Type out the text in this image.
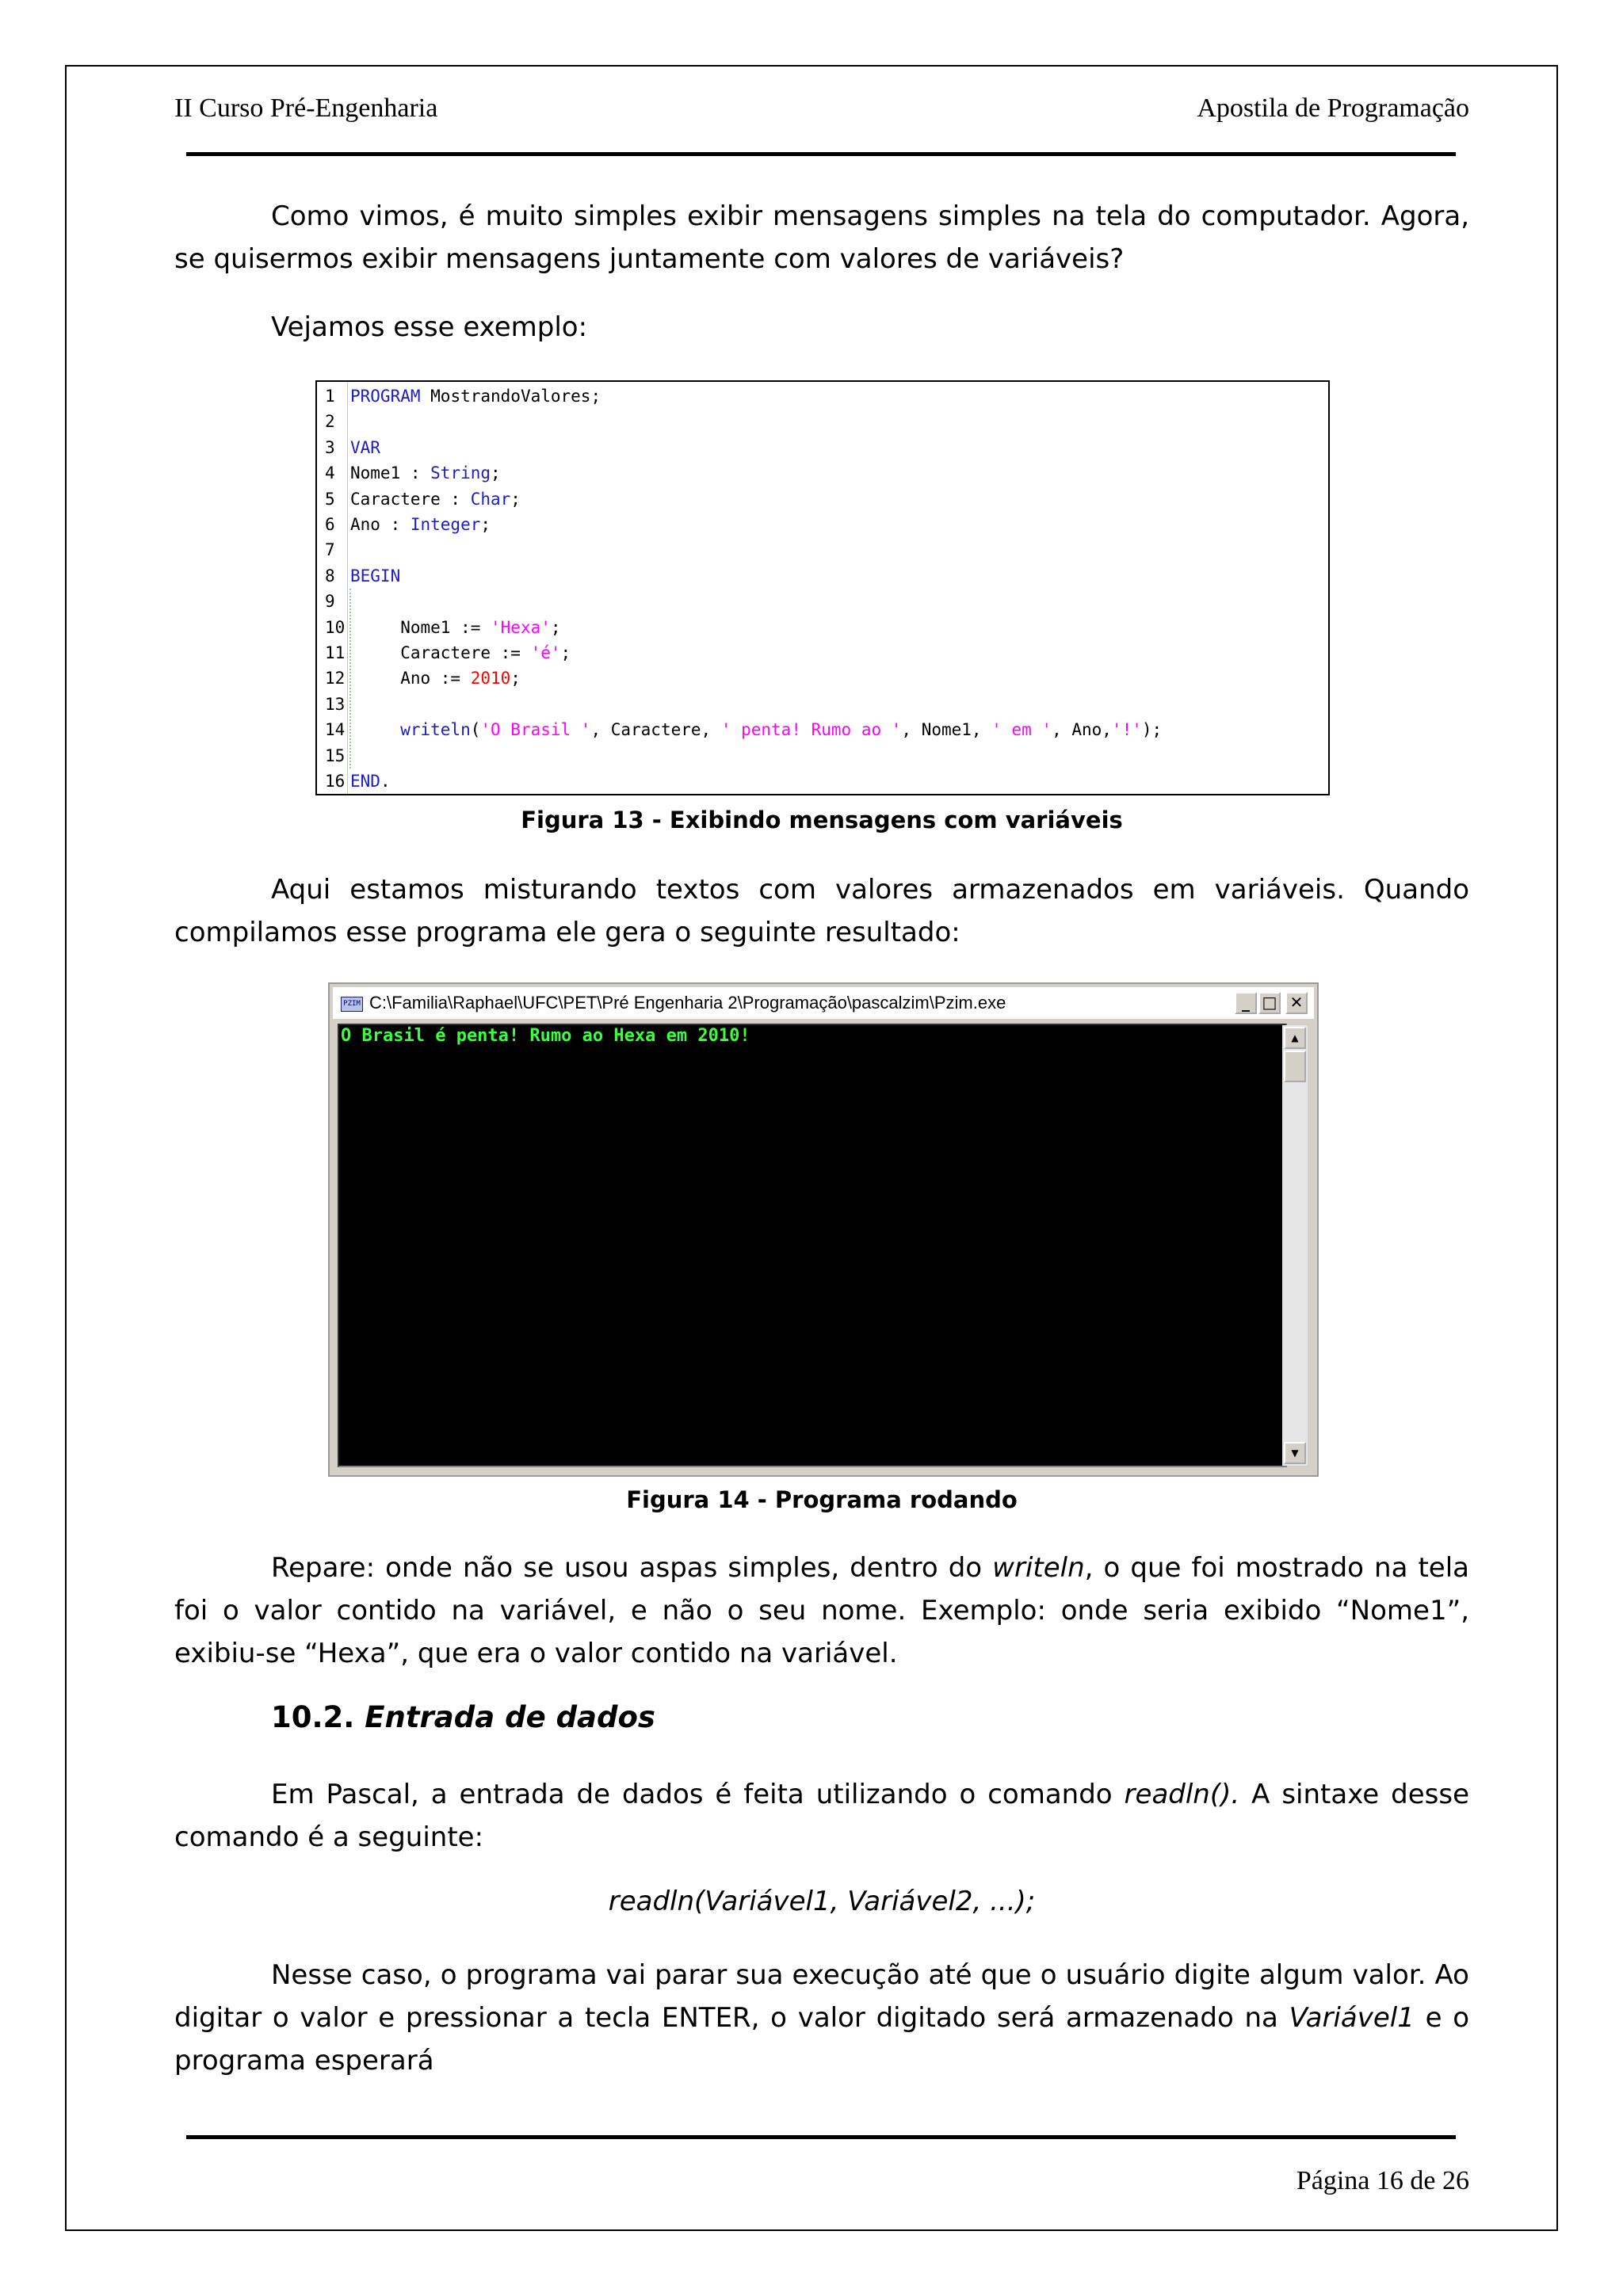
II Curso Pré-Engenharia	Apostila de Programação
Como vimos, é muito simples exibir mensagens simples na tela do computador. Agora, se quisermos exibir mensagens juntamente com valores de variáveis?
Vejamos esse exemplo:
1 PROGRAM MostrandoValores;
2
3 VAR
4 Nome1 : String;
5 Caractere : Char;
6 Ano : Integer;
7
8 BEGIN
9
10 Nome1 := 'Hexa';
11 Caractere := 'é';
12 Ano := 2010;
13
14 writeln('O Brasil ', Caractere, ' penta! Rumo ao ', Nome1, ' em ', Ano,'!');
15
16 END.
Figura 13 - Exibindo mensagens com variáveis
Aqui estamos misturando textos com valores armazenados em variáveis. Quando compilamos esse programa ele gera o seguinte resultado:
PZIM C:\Familia\Raphael\UFC\PET\Pré Engenharia 2\Programação\pascalzim\Pzim.exe	_ □ ✕
O Brasil é penta! Rumo ao Hexa em 2010!	▲
▼
Figura 14 - Programa rodando
Repare: onde não se usou aspas simples, dentro do writeln, o que foi mostrado na tela foi o valor contido na variável, e não o seu nome. Exemplo: onde seria exibido “Nome1”, exibiu-se “Hexa”, que era o valor contido na variável.
10.2. Entrada de dados
Em Pascal, a entrada de dados é feita utilizando o comando readln(). A sintaxe desse comando é a seguinte:
readln(Variável1, Variável2, ...);
Nesse caso, o programa vai parar sua execução até que o usuário digite algum valor. Ao digitar o valor e pressionar a tecla ENTER, o valor digitado será armazenado na Variável1 e o programa esperará
Página 16 de 26
